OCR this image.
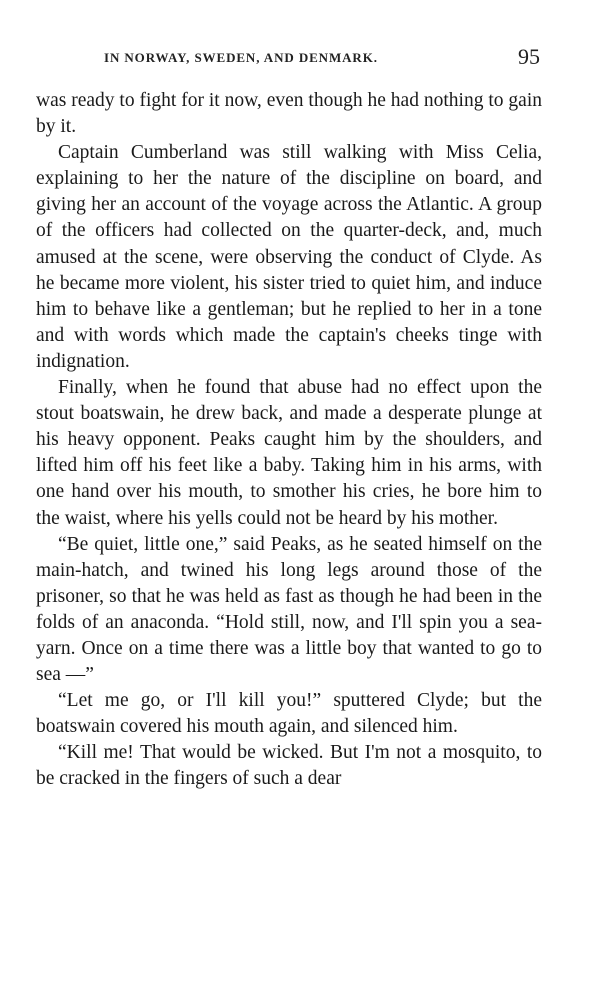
IN NORWAY, SWEDEN, AND DENMARK.	95

was ready to fight for it now, even though he had nothing to gain by it.

Captain Cumberland was still walking with Miss Celia, explaining to her the nature of the discipline on board, and giving her an account of the voyage across the Atlantic. A group of the officers had collected on the quarter-deck, and, much amused at the scene, were observing the conduct of Clyde. As he became more violent, his sister tried to quiet him, and induce him to behave like a gentleman; but he replied to her in a tone and with words which made the captain's cheeks tinge with indignation.

Finally, when he found that abuse had no effect upon the stout boatswain, he drew back, and made a desperate plunge at his heavy opponent. Peaks caught him by the shoulders, and lifted him off his feet like a baby. Taking him in his arms, with one hand over his mouth, to smother his cries, he bore him to the waist, where his yells could not be heard by his mother.

“Be quiet, little one,” said Peaks, as he seated himself on the main-hatch, and twined his long legs around those of the prisoner, so that he was held as fast as though he had been in the folds of an anaconda. “Hold still, now, and I'll spin you a sea-yarn. Once on a time there was a little boy that wanted to go to sea —”

“Let me go, or I'll kill you!” sputtered Clyde; but the boatswain covered his mouth again, and silenced him.

“Kill me! That would be wicked. But I'm not a mosquito, to be cracked in the fingers of such a dear
